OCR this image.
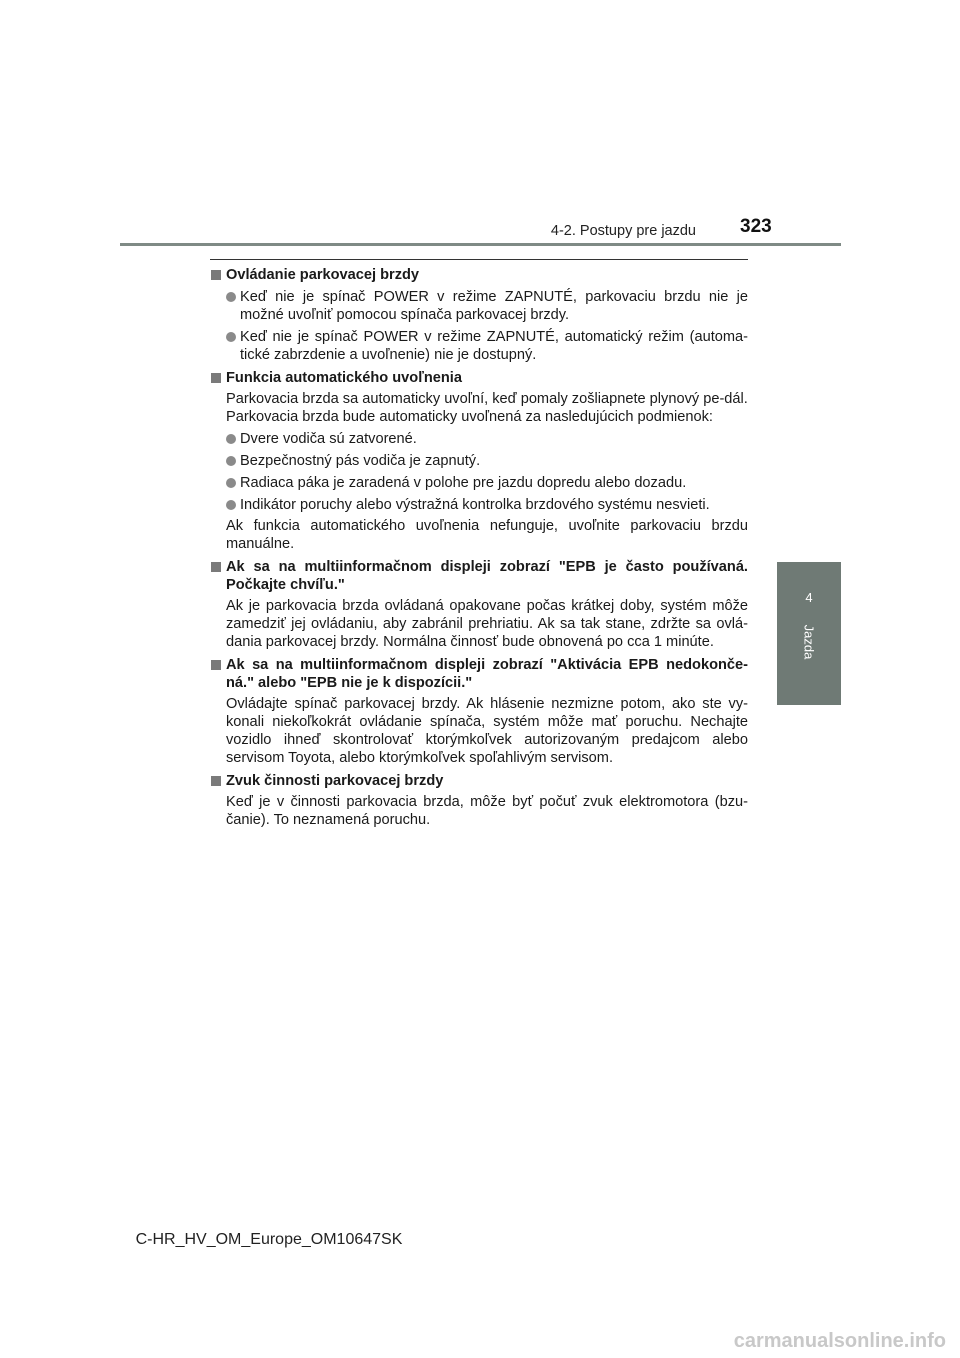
4-2. Postupy pre jazdu 323
4
Jazda
Ovládanie parkovacej brzdy
Keď nie je spínač POWER v režime ZAPNUTÉ, parkovaciu brzdu nie je možné uvoľniť pomocou spínača parkovacej brzdy.
Keď nie je spínač POWER v režime ZAPNUTÉ, automatický režim (automa-tické zabrzdenie a uvoľnenie) nie je dostupný.
Funkcia automatického uvoľnenia
Parkovacia brzda sa automaticky uvoľní, keď pomaly zošliapnete plynový pe-dál.
Parkovacia brzda bude automaticky uvoľnená za nasledujúcich podmienok:
Dvere vodiča sú zatvorené.
Bezpečnostný pás vodiča je zapnutý.
Radiaca páka je zaradená v polohe pre jazdu dopredu alebo dozadu.
Indikátor poruchy alebo výstražná kontrolka brzdového systému nesvieti.
Ak funkcia automatického uvoľnenia nefunguje, uvoľnite parkovaciu brzdu manuálne.
Ak sa na multiinformačnom displeji zobrazí "EPB je často používaná. Počkajte chvíľu."
Ak je parkovacia brzda ovládaná opakovane počas krátkej doby, systém môže zamedziť jej ovládaniu, aby zabránil prehriatiu. Ak sa tak stane, zdržte sa ovlá-dania parkovacej brzdy. Normálna činnosť bude obnovená po cca 1 minúte.
Ak sa na multiinformačnom displeji zobrazí "Aktivácia EPB nedokonče-ná." alebo "EPB nie je k dispozícii."
Ovládajte spínač parkovacej brzdy. Ak hlásenie nezmizne potom, ako ste vy-konali niekoľkokrát ovládanie spínača, systém môže mať poruchu. Nechajte vozidlo ihneď skontrolovať ktorýmkoľvek autorizovaným predajcom alebo servisom Toyota, alebo ktorýmkoľvek spoľahlivým servisom.
Zvuk činnosti parkovacej brzdy
Keď je v činnosti parkovacia brzda, môže byť počuť zvuk elektromotora (bzu-čanie). To neznamená poruchu.
C-HR_HV_OM_Europe_OM10647SK
carmanualsonline.info
